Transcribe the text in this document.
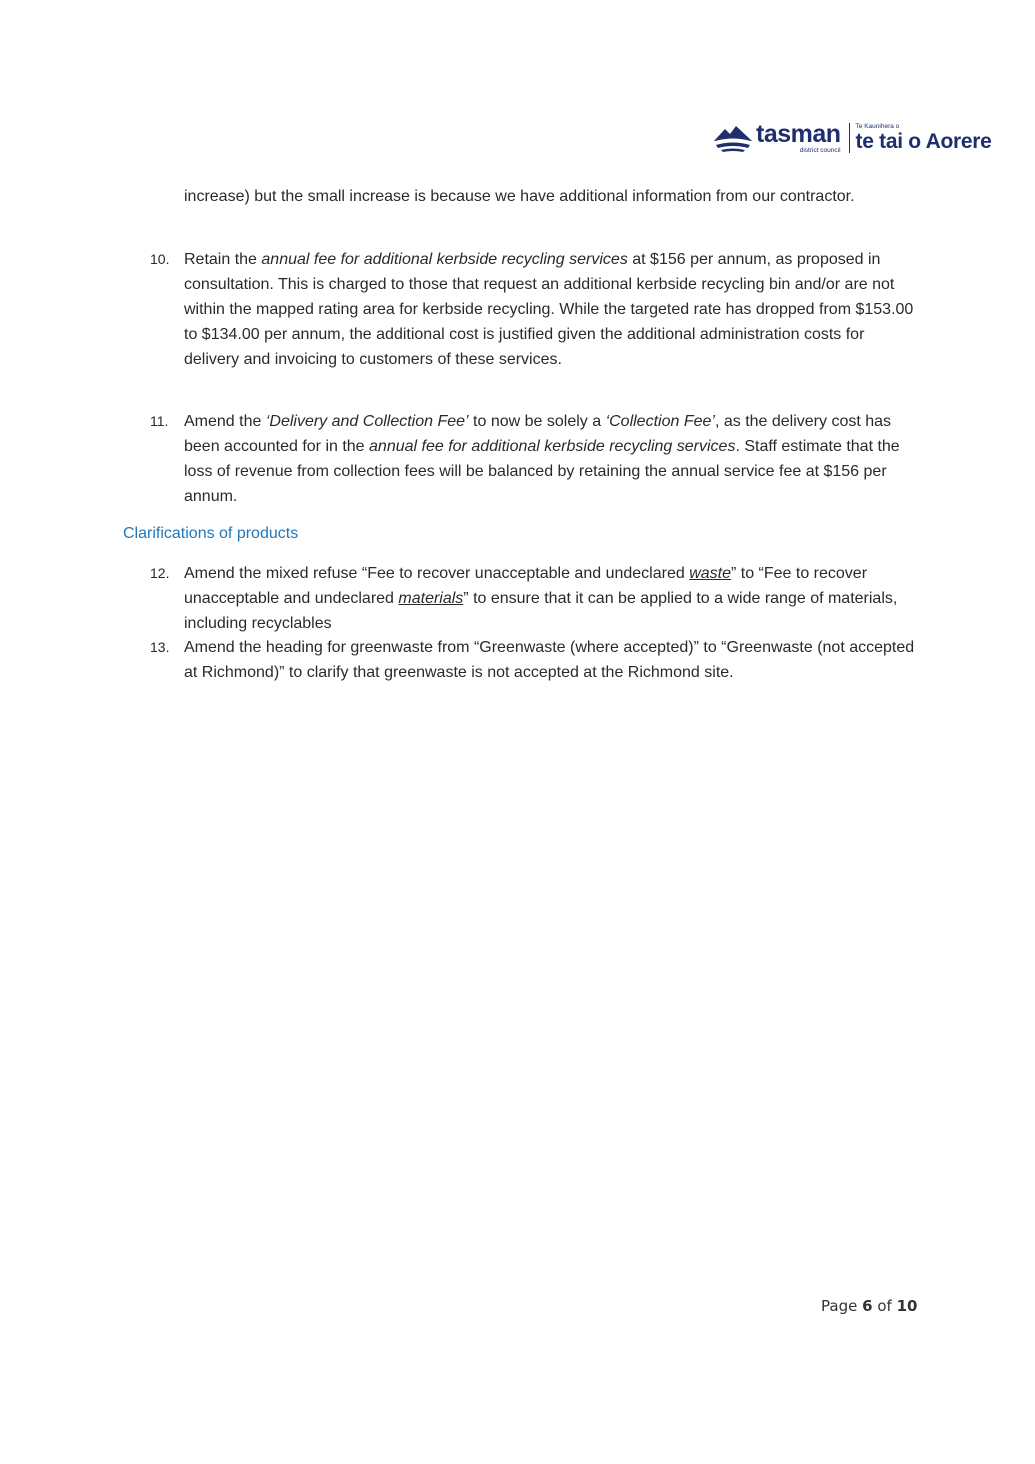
tasman
district council
Te Kaunihera o
te tai o Aorere

increase) but the small increase is because we have additional information from our contractor.

10. Retain the annual fee for additional kerbside recycling services at $156 per annum, as proposed in consultation. This is charged to those that request an additional kerbside recycling bin and/or are not within the mapped rating area for kerbside recycling. While the targeted rate has dropped from $153.00 to $134.00 per annum, the additional cost is justified given the additional administration costs for delivery and invoicing to customers of these services.
11. Amend the ‘Delivery and Collection Fee’ to now be solely a ‘Collection Fee’, as the delivery cost has been accounted for in the annual fee for additional kerbside recycling services. Staff estimate that the loss of revenue from collection fees will be balanced by retaining the annual service fee at $156 per annum.
Clarifications of products
12. Amend the mixed refuse “Fee to recover unacceptable and undeclared waste” to “Fee to recover unacceptable and undeclared materials” to ensure that it can be applied to a wide range of materials, including recyclables
13. Amend the heading for greenwaste from “Greenwaste (where accepted)” to “Greenwaste (not accepted at Richmond)” to clarify that greenwaste is not accepted at the Richmond site.
Page 6 of 10
